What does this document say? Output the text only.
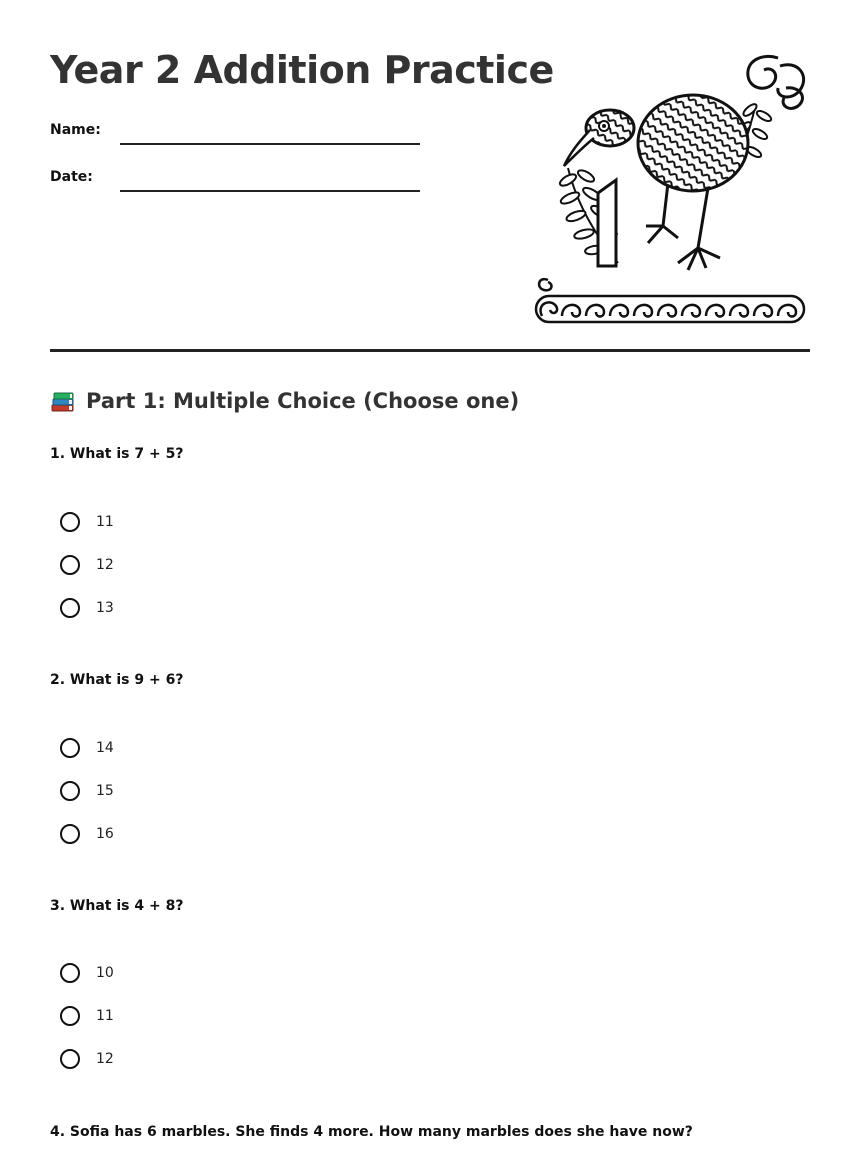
Year 2 Addition Practice
Name:
Date:
Part 1: Multiple Choice (Choose one)

1. What is 7 + 5?

11
12
13

2. What is 9 + 6?

14
15
16

3. What is 4 + 8?

10
11
12

4. Sofia has 6 marbles. She finds 4 more. How many marbles does she have now?
